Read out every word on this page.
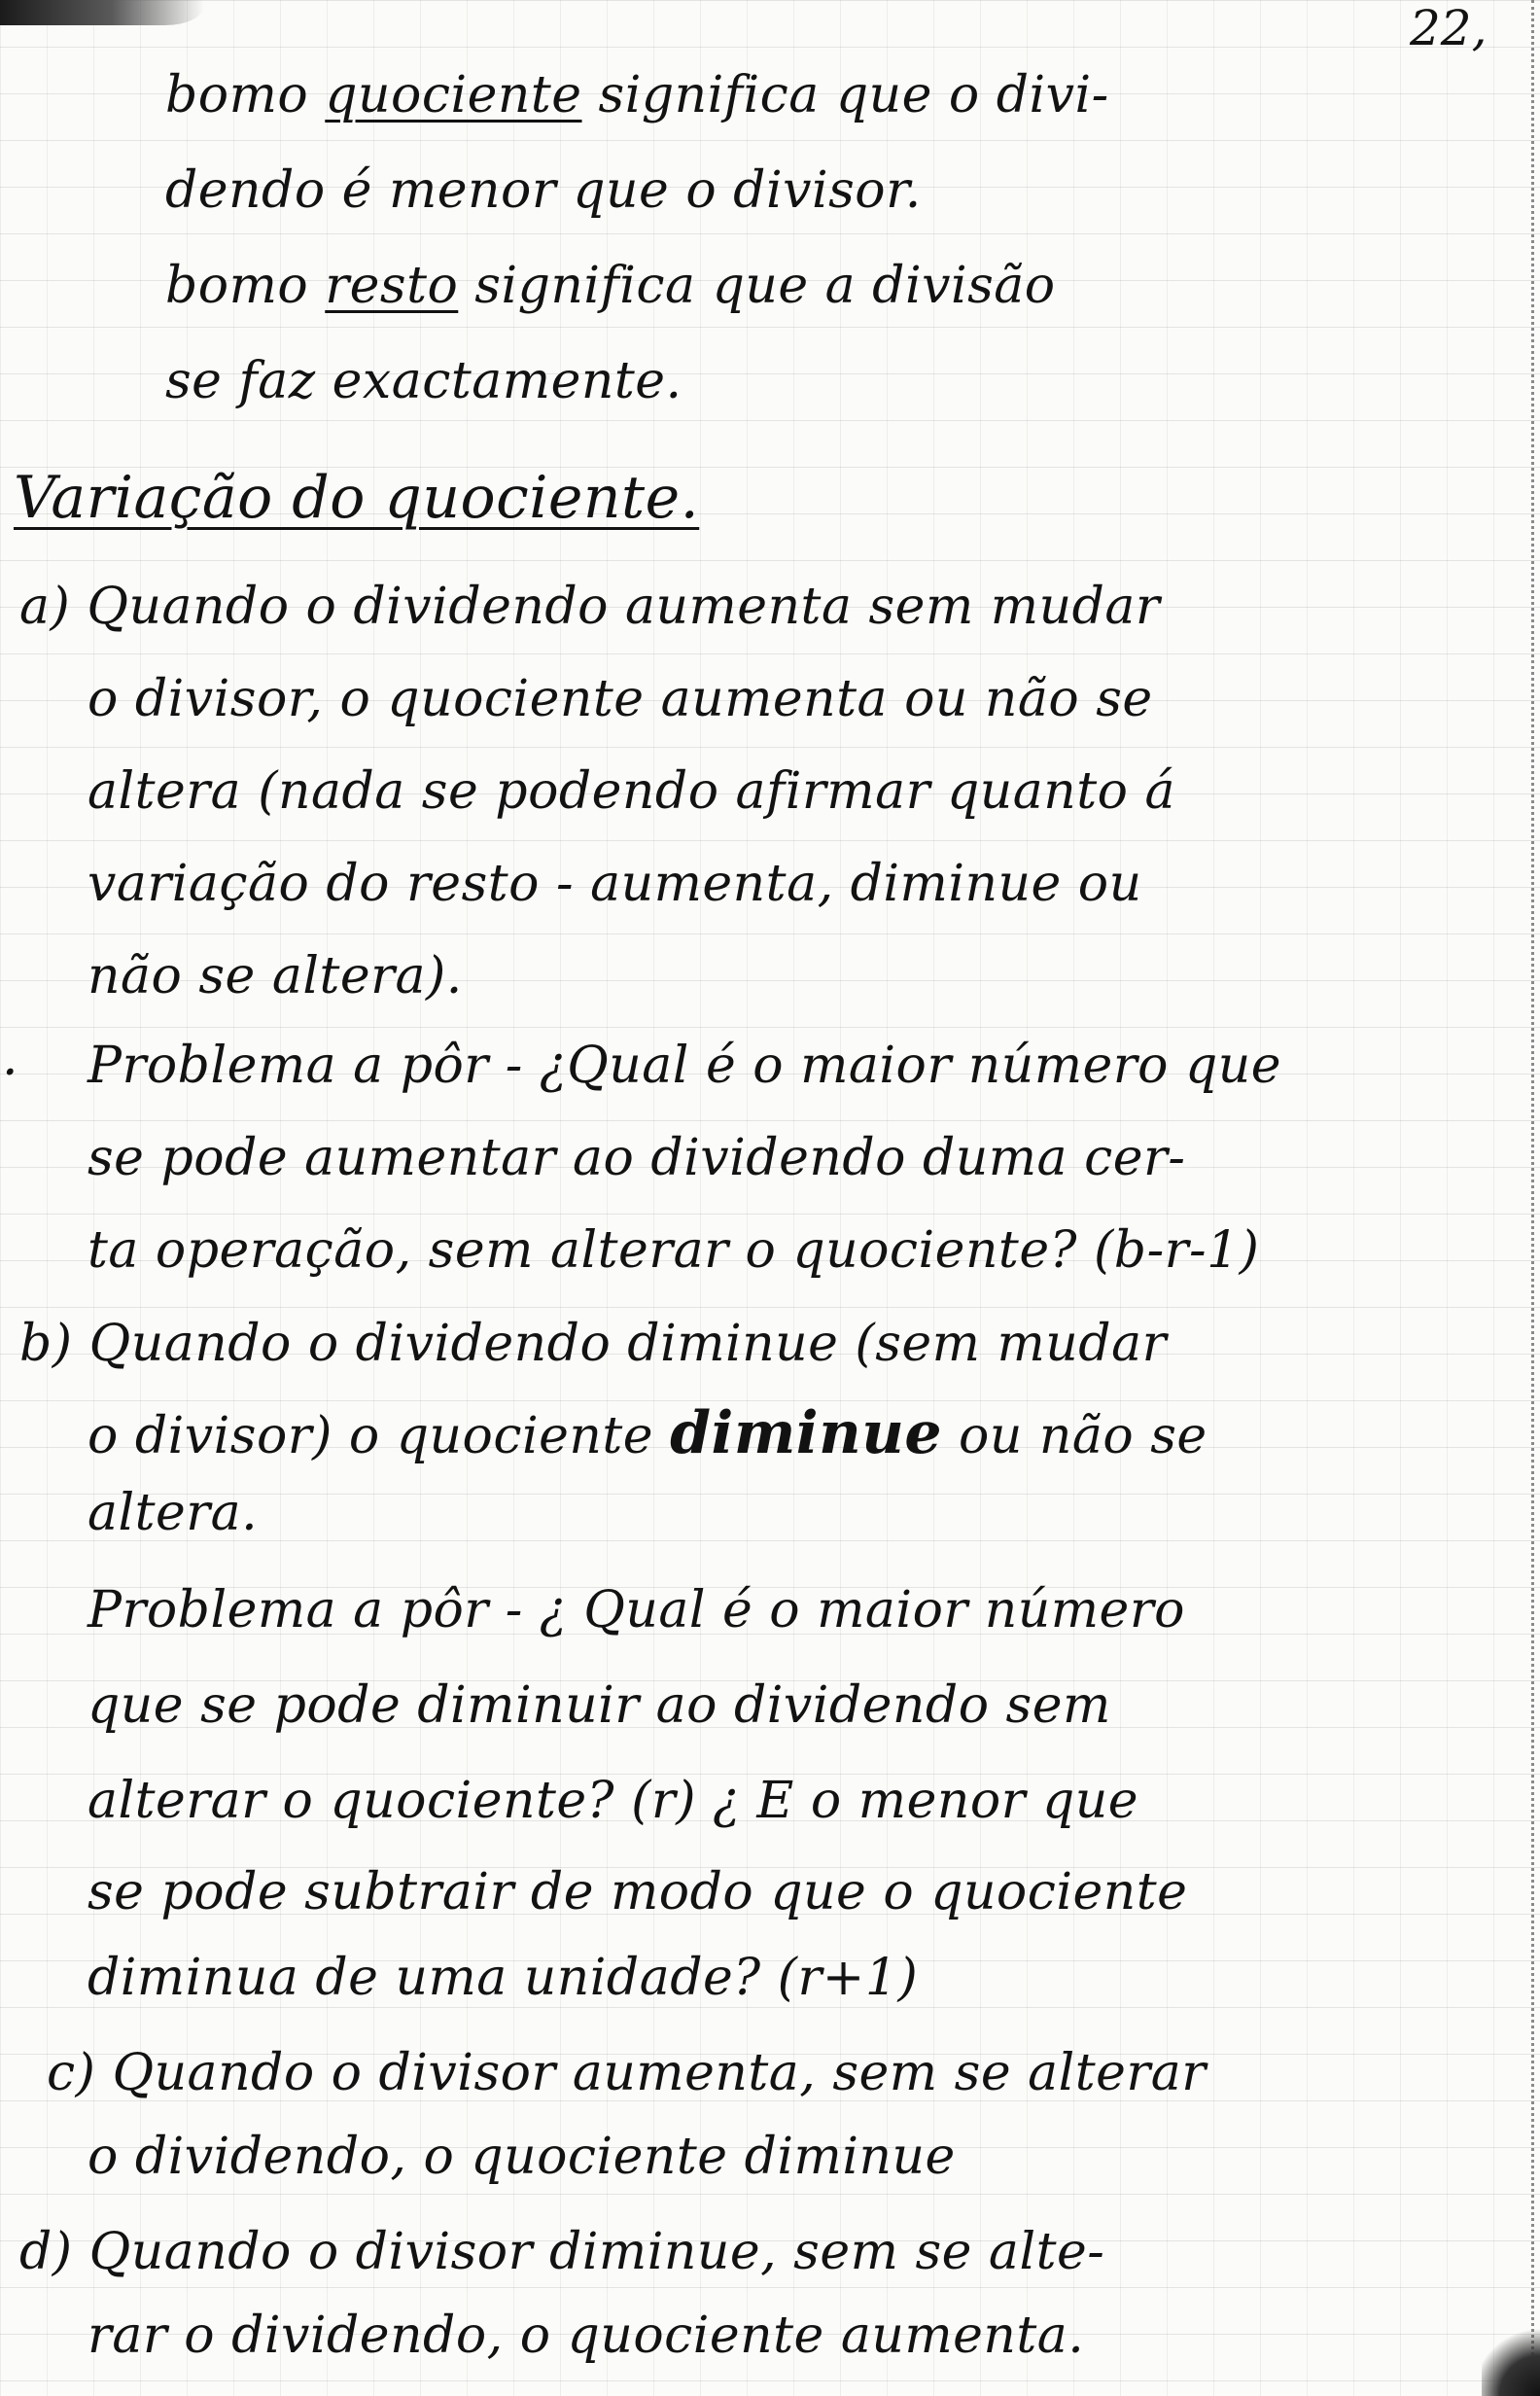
22,
bomo quociente significa que o divi-
dendo é menor que o divisor.
bomo resto significa que a divisão
se faz exactamente.
Variação do quociente.
a) Quando o dividendo aumenta sem mudar
o divisor, o quociente aumenta ou não se
altera (nada se podendo afirmar quanto á
variação do resto - aumenta, diminue ou
não se altera).
. Problema a pôr - ¿Qual é o maior número que
se pode aumentar ao dividendo duma cer-
ta operação, sem alterar o quociente? (b-r-1)
b) Quando o dividendo diminue (sem mudar
o divisor) o quociente diminue ou não se
altera.
Problema a pôr - ¿ Qual é o maior número
que se pode diminuir ao dividendo sem
alterar o quociente? (r) ¿ E o menor que
se pode subtrair de modo que o quociente
diminua de uma unidade? (r+1)
c) Quando o divisor aumenta, sem se alterar
o dividendo, o quociente diminue
d) Quando o divisor diminue, sem se alte-
rar o dividendo, o quociente aumenta.
